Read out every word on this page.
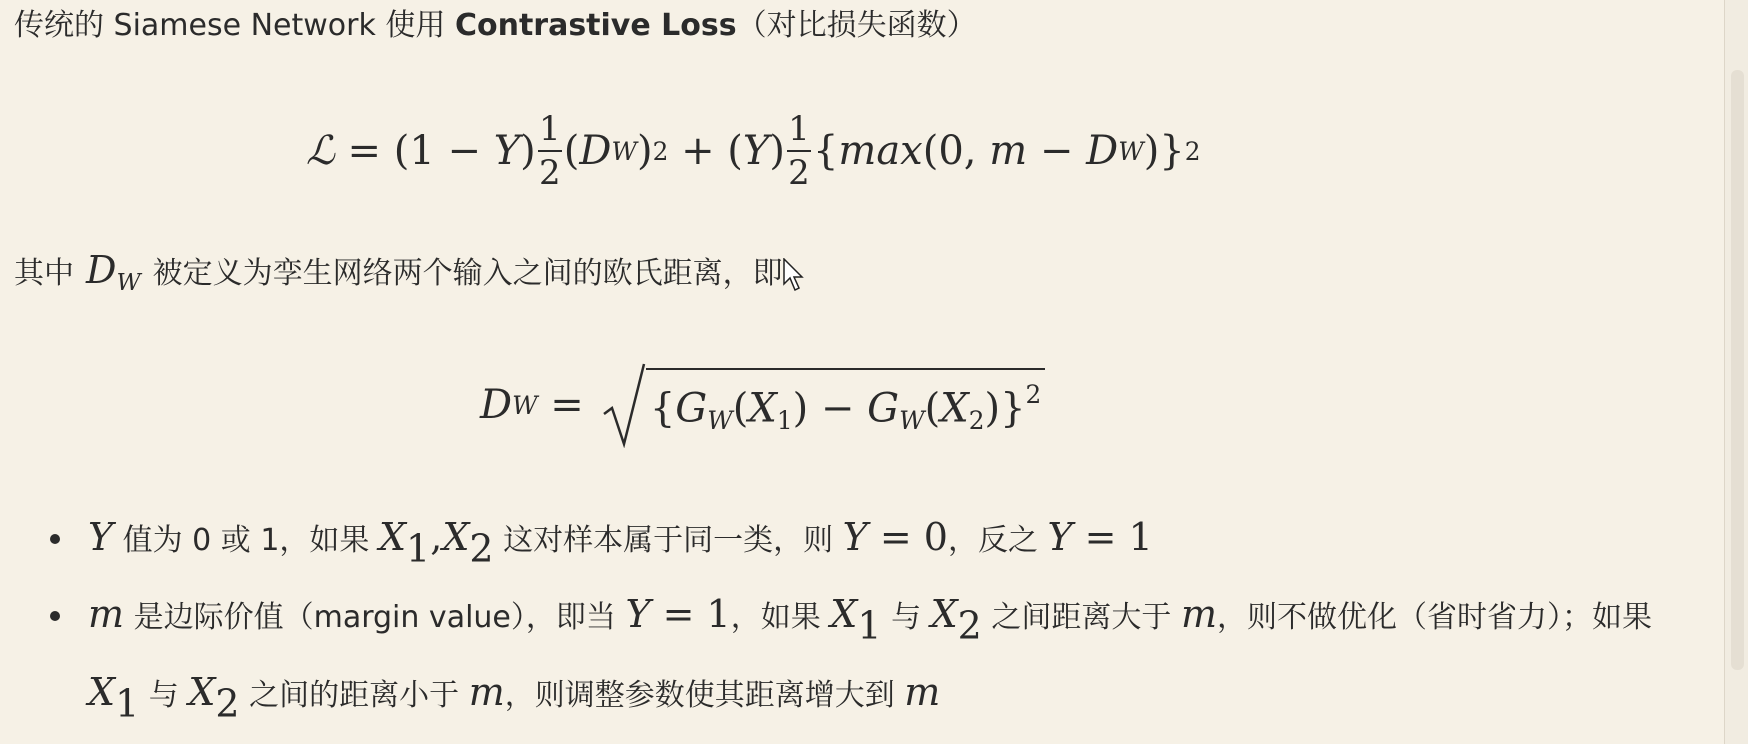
传统的 Siamese Network 使用 Contrastive Loss（对比损失函数）
ℒ = (1 − Y ) $\frac{1}{2}$ ( D W ) 2 + ( Y ) $\frac{1}{2}$ { max (0, m − D W )} 2
其中 $D_W$ 被定义为孪生网络两个输入之间的欧氏距离，即
D $W = \{G_W(X_1) - G_W(X_2)\}^2$
Y 值为 0 或 1，如果 $X_1,X_2$ 这对样本属于同一类，则 Y = 0，反之 Y = 1
m 是边际价值（margin value），即当 Y = 1，如果 $X_1$ 与 $X_2$ 之间距离大于 m，则不做优化（省时省力）；如果 $X_1$ 与 $X_2$ 之间的距离小于 m，则调整参数使其距离增大到 m
